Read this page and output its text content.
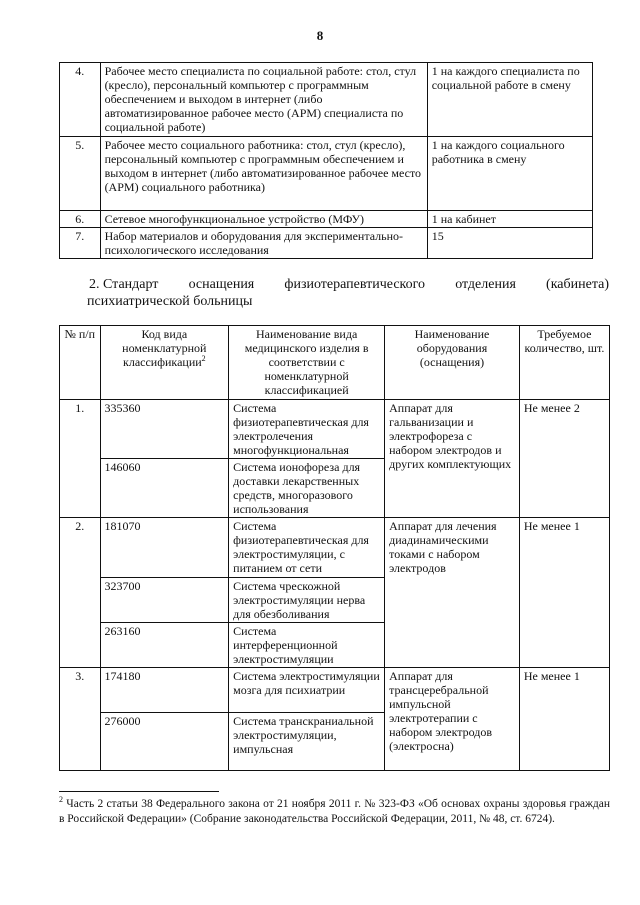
8
4.	Рабочее место специалиста по социальной работе: стол, стул (кресло), персональный компьютер с программным обеспечением и выходом в интернет (либо автоматизированное рабочее место (АРМ) специалиста по социальной работе)	1 на каждого специалиста по социальной работе в смену
5.	Рабочее место социального работника: стол, стул (кресло), персональный компьютер с программным обеспечением и выходом в интернет (либо автоматизированное рабочее место (АРМ) социального работника)	1 на каждого социального работника в смену
6.	Сетевое многофункциональное устройство (МФУ)	1 на кабинет
7.	Набор материалов и оборудования для экспериментально-психологического исследования	15
2. Стандарт оснащения физиотерапевтического отделения (кабинета)
психиатрической больницы
№ п/п	Код вида номенклатурной классификации$^2$	Наименование вида медицинского изделия в соответствии с номенклатурной классификацией	Наименование оборудования (оснащения)	Требуемое количество, шт.
1.	335360	Система физиотерапевтическая для электролечения многофункциональная	Аппарат для гальванизации и электрофореза с набором электродов и других комплектующих	Не менее 2
	146060	Система ионофореза для доставки лекарственных средств, многоразового использования		
2.	181070	Система физиотерапевтическая для электростимуляции, с питанием от сети	Аппарат для лечения диадинамическими токами с набором электродов	Не менее 1
	323700	Система чрескожной электростимуляции нерва для обезболивания		
	263160	Система интерференционной электростимуляции		
3.	174180	Система электростимуляции мозга для психиатрии	Аппарат для трансцеребральной импульсной электротерапии с набором электродов (электросна)	Не менее 1
	276000	Система транскраниальной электростимуляции, импульсная		
$^2$ Часть 2 статьи 38 Федерального закона от 21 ноября 2011 г. № 323-ФЗ «Об основах охраны здоровья граждан в Российской Федерации» (Собрание законодательства Российской Федерации, 2011, № 48, ст. 6724).
